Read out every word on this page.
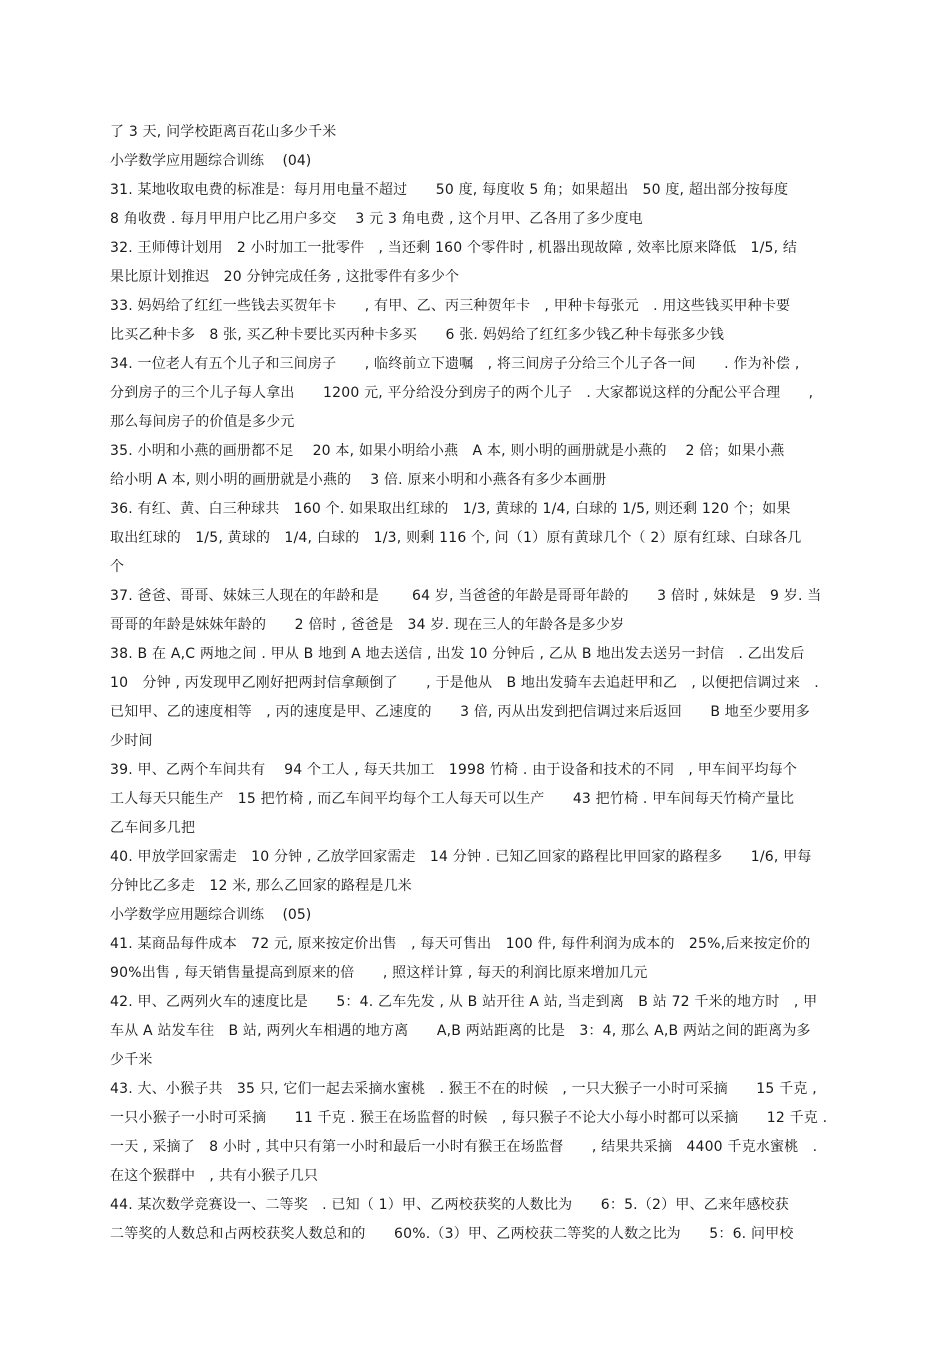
了 3 天, 问学校距离百花山多少千米
小学数学应用题综合训练　 (04)
31. 某地收取电费的标准是：每月用电量不超过　　50 度, 每度收 5 角；如果超出　50 度, 超出部分按每度
8 角收费 . 每月甲用户比乙用户多交　 3 元 3 角电费 , 这个月甲、乙各用了多少度电
32. 王师傅计划用　2 小时加工一批零件　, 当还剩 160 个零件时 , 机器出现故障 , 效率比原来降低　1/5, 结
果比原计划推迟　20 分钟完成任务 , 这批零件有多少个
33. 妈妈给了红红一些钱去买贺年卡　　, 有甲、乙、丙三种贺年卡　, 甲种卡每张元　. 用这些钱买甲种卡要
比买乙种卡多　8 张, 买乙种卡要比买丙种卡多买　　6 张. 妈妈给了红红多少钱乙种卡每张多少钱
34. 一位老人有五个儿子和三间房子　　, 临终前立下遗嘱　, 将三间房子分给三个儿子各一间　　. 作为补偿 ,
分到房子的三个儿子每人拿出　　1200 元, 平分给没分到房子的两个儿子　. 大家都说这样的分配公平合理　　,
那么每间房子的价值是多少元
35. 小明和小燕的画册都不足　 20 本, 如果小明给小燕　A 本, 则小明的画册就是小燕的　 2 倍；如果小燕
给小明 A 本, 则小明的画册就是小燕的　 3 倍. 原来小明和小燕各有多少本画册
36. 有红、黄、白三种球共　160 个. 如果取出红球的　1/3, 黄球的 1/4, 白球的 1/5, 则还剩 120 个；如果
取出红球的　1/5, 黄球的　1/4, 白球的　1/3, 则剩 116 个, 问（1）原有黄球几个（ 2）原有红球、白球各几
个
37. 爸爸、哥哥、妹妹三人现在的年龄和是　　 64 岁, 当爸爸的年龄是哥哥年龄的　　3 倍时 , 妹妹是　9 岁. 当
哥哥的年龄是妹妹年龄的　　2 倍时 , 爸爸是　34 岁. 现在三人的年龄各是多少岁
38. B 在 A,C 两地之间 . 甲从 B 地到 A 地去送信 , 出发 10 分钟后 , 乙从 B 地出发去送另一封信　. 乙出发后
10　分钟 , 丙发现甲乙刚好把两封信拿颠倒了　　, 于是他从　B 地出发骑车去追赶甲和乙　, 以便把信调过来　.
已知甲、乙的速度相等　, 丙的速度是甲、乙速度的　　3 倍, 丙从出发到把信调过来后返回　　B 地至少要用多
少时间
39. 甲、乙两个车间共有　 94 个工人 , 每天共加工　1998 竹椅 . 由于设备和技术的不同　, 甲车间平均每个
工人每天只能生产　15 把竹椅 , 而乙车间平均每个工人每天可以生产　　43 把竹椅 . 甲车间每天竹椅产量比
乙车间多几把
40. 甲放学回家需走　10 分钟 , 乙放学回家需走　14 分钟 . 已知乙回家的路程比甲回家的路程多　　1/6, 甲每
分钟比乙多走　12 米, 那么乙回家的路程是几米
小学数学应用题综合训练　 (05)
41. 某商品每件成本　72 元, 原来按定价出售　, 每天可售出　100 件, 每件利润为成本的　25%,后来按定价的
90%出售 , 每天销售量提高到原来的倍　　, 照这样计算 , 每天的利润比原来增加几元
42. 甲、乙两列火车的速度比是　　5：4. 乙车先发 , 从 B 站开往 A 站, 当走到离　B 站 72 千米的地方时　, 甲
车从 A 站发车往　B 站, 两列火车相遇的地方离　　A,B 两站距离的比是　3：4, 那么 A,B 两站之间的距离为多
少千米
43. 大、小猴子共　35 只, 它们一起去采摘水蜜桃　. 猴王不在的时候　, 一只大猴子一小时可采摘　　15 千克 ,
一只小猴子一小时可采摘　　11 千克 . 猴王在场监督的时候　, 每只猴子不论大小每小时都可以采摘　　12 千克 .
一天 , 采摘了　8 小时 , 其中只有第一小时和最后一小时有猴王在场监督　　, 结果共采摘　4400 千克水蜜桃　.
在这个猴群中　, 共有小猴子几只
44. 某次数学竞赛设一、二等奖　. 已知（ 1）甲、乙两校获奖的人数比为　　6：5.（2）甲、乙来年感校获
二等奖的人数总和占两校获奖人数总和的　　60%.（3）甲、乙两校获二等奖的人数之比为　　5：6. 问甲校
